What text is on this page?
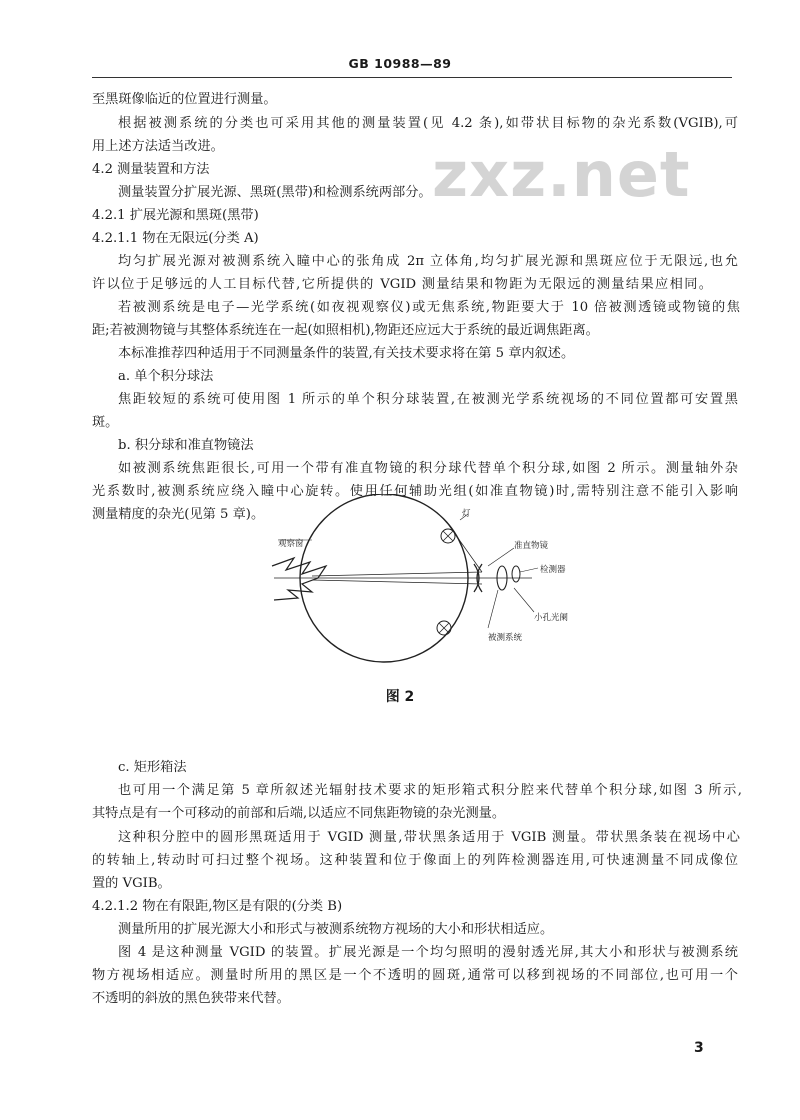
GB 10988—89
zxz.net
至黑斑像临近的位置进行测量。
根据被测系统的分类也可采用其他的测量装置(见 4.2 条),如带状目标物的杂光系数(VGIB),可
用上述方法适当改进。
4.2 测量装置和方法
测量装置分扩展光源、黑斑(黑带)和检测系统两部分。
4.2.1 扩展光源和黑斑(黑带)
4.2.1.1 物在无限远(分类 A)
均匀扩展光源对被测系统入瞳中心的张角成 2π 立体角,均匀扩展光源和黑斑应位于无限远,也允
许以位于足够远的人工目标代替,它所提供的 VGID 测量结果和物距为无限远的测量结果应相同。
若被测系统是电子—光学系统(如夜视观察仪)或无焦系统,物距要大于 10 倍被测透镜或物镜的焦
距;若被测物镜与其整体系统连在一起(如照相机),物距还应远大于系统的最近调焦距离。
本标准推荐四种适用于不同测量条件的装置,有关技术要求将在第 5 章内叙述。
a. 单个积分球法
焦距较短的系统可使用图 1 所示的单个积分球装置,在被测光学系统视场的不同位置都可安置黑
斑。
b. 积分球和准直物镜法
如被测系统焦距很长,可用一个带有准直物镜的积分球代替单个积分球,如图 2 所示。测量轴外杂
光系数时,被测系统应绕入瞳中心旋转。使用任何辅助光组(如准直物镜)时,需特别注意不能引入影响
测量精度的杂光(见第 5 章)。
观察窗
灯
准直物镜
检测器
小孔光阑
被测系统
图 2
c. 矩形箱法
也可用一个满足第 5 章所叙述光辐射技术要求的矩形箱式积分腔来代替单个积分球,如图 3 所示,
其特点是有一个可移动的前部和后端,以适应不同焦距物镜的杂光测量。
这种积分腔中的圆形黑斑适用于 VGID 测量,带状黑条适用于 VGIB 测量。带状黑条装在视场中心
的转轴上,转动时可扫过整个视场。这种装置和位于像面上的列阵检测器连用,可快速测量不同成像位
置的 VGIB。
4.2.1.2 物在有限距,物区是有限的(分类 B)
测量所用的扩展光源大小和形式与被测系统物方视场的大小和形状相适应。
图 4 是这种测量 VGID 的装置。扩展光源是一个均匀照明的漫射透光屏,其大小和形状与被测系统
物方视场相适应。测量时所用的黑区是一个不透明的圆斑,通常可以移到视场的不同部位,也可用一个
不透明的斜放的黑色狭带来代替。
3
